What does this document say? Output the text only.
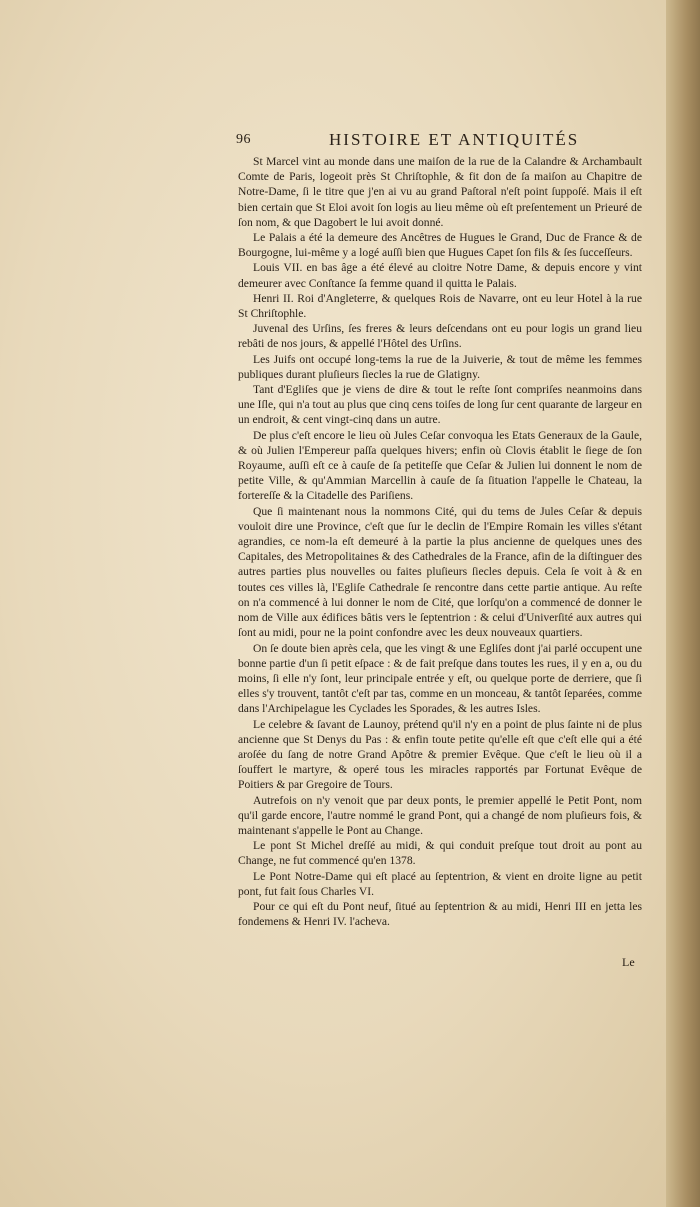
96	HISTOIRE ET ANTIQUITÉS

St Marcel vint au monde dans une maiſon de la rue de la Calandre & Archambault Comte de Paris, logeoit près St Chriſtophle, & fit don de ſa maiſon au Chapitre de Notre-Dame, ſi le titre que j'en ai vu au grand Paſtoral n'eſt point ſuppoſé. Mais il eſt bien certain que St Eloi avoit ſon logis au lieu même où eſt preſentement un Prieuré de ſon nom, & que Dagobert le lui avoit donné.

Le Palais a été la demeure des Ancêtres de Hugues le Grand, Duc de France & de Bourgogne, lui-même y a logé auſſi bien que Hugues Capet ſon fils & ſes ſucceſſeurs.

Louis VII. en bas âge a été élevé au cloitre Notre Dame, & depuis encore y vint demeurer avec Conſtance ſa femme quand il quitta le Palais.

Henri II. Roi d'Angleterre, & quelques Rois de Navarre, ont eu leur Hotel à la rue St Chriſtophle.

Juvenal des Urſins, ſes freres & leurs deſcendans ont eu pour logis un grand lieu rebâti de nos jours, & appellé l'Hôtel des Urſins.

Les Juifs ont occupé long-tems la rue de la Juiverie, & tout de même les femmes publiques durant pluſieurs ſiecles la rue de Glatigny.

Tant d'Egliſes que je viens de dire & tout le reſte ſont compriſes neanmoins dans une Iſle, qui n'a tout au plus que cinq cens toiſes de long ſur cent quarante de largeur en un endroit, & cent vingt-cinq dans un autre.

De plus c'eſt encore le lieu où Jules Ceſar convoqua les Etats Generaux de la Gaule, & où Julien l'Empereur paſſa quelques hivers; enfin où Clovis établit le ſiege de ſon Royaume, auſſi eſt ce à cauſe de ſa petiteſſe que Ceſar & Julien lui donnent le nom de petite Ville, & qu'Ammian Marcellin à cauſe de ſa ſituation l'appelle le Chateau, la fortereſſe & la Citadelle des Pariſiens.

Que ſi maintenant nous la nommons Cité, qui du tems de Jules Ceſar & depuis vouloit dire une Province, c'eſt que ſur le declin de l'Empire Romain les villes s'étant agrandies, ce nom-la eſt demeuré à la partie la plus ancienne de quelques unes des Capitales, des Metropolitaines & des Cathedrales de la France, afin de la diſtinguer des autres parties plus nouvelles ou faites pluſieurs ſiecles depuis. Cela ſe voit à & en toutes ces villes là, l'Egliſe Cathedrale ſe rencontre dans cette partie antique. Au reſte on n'a commencé à lui donner le nom de Cité, que lorſqu'on a commencé de donner le nom de Ville aux édifices bâtis vers le ſeptentrion : & celui d'Univerſité aux autres qui ſont au midi, pour ne la point confondre avec les deux nouveaux quartiers.

On ſe doute bien après cela, que les vingt & une Egliſes dont j'ai parlé occupent une bonne partie d'un ſi petit eſpace : & de fait preſque dans toutes les rues, il y en a, ou du moins, ſi elle n'y ſont, leur principale entrée y eſt, ou quelque porte de derriere, que ſi elles s'y trouvent, tantôt c'eſt par tas, comme en un monceau, & tantôt ſeparées, comme dans l'Archipelague les Cyclades les Sporades, & les autres Isles.

Le celebre & ſavant de Launoy, prétend qu'il n'y en a point de plus ſainte ni de plus ancienne que St Denys du Pas : & enfin toute petite qu'elle eſt que c'eſt elle qui a été aroſée du ſang de notre Grand Apôtre & premier Evêque. Que c'eſt le lieu où il a ſouffert le martyre, & operé tous les miracles rapportés par Fortunat Evêque de Poitiers & par Gregoire de Tours.

Autrefois on n'y venoit que par deux ponts, le premier appellé le Petit Pont, nom qu'il garde encore, l'autre nommé le grand Pont, qui a changé de nom pluſieurs fois, & maintenant s'appelle le Pont au Change.

Le pont St Michel dreſſé au midi, & qui conduit preſque tout droit au pont au Change, ne fut commencé qu'en 1378.

Le Pont Notre-Dame qui eſt placé au ſeptentrion, & vient en droite ligne au petit pont, fut fait ſous Charles VI.

Pour ce qui eſt du Pont neuf, ſitué au ſeptentrion & au midi, Henri III en jetta les fondemens & Henri IV. l'acheva.

Le
